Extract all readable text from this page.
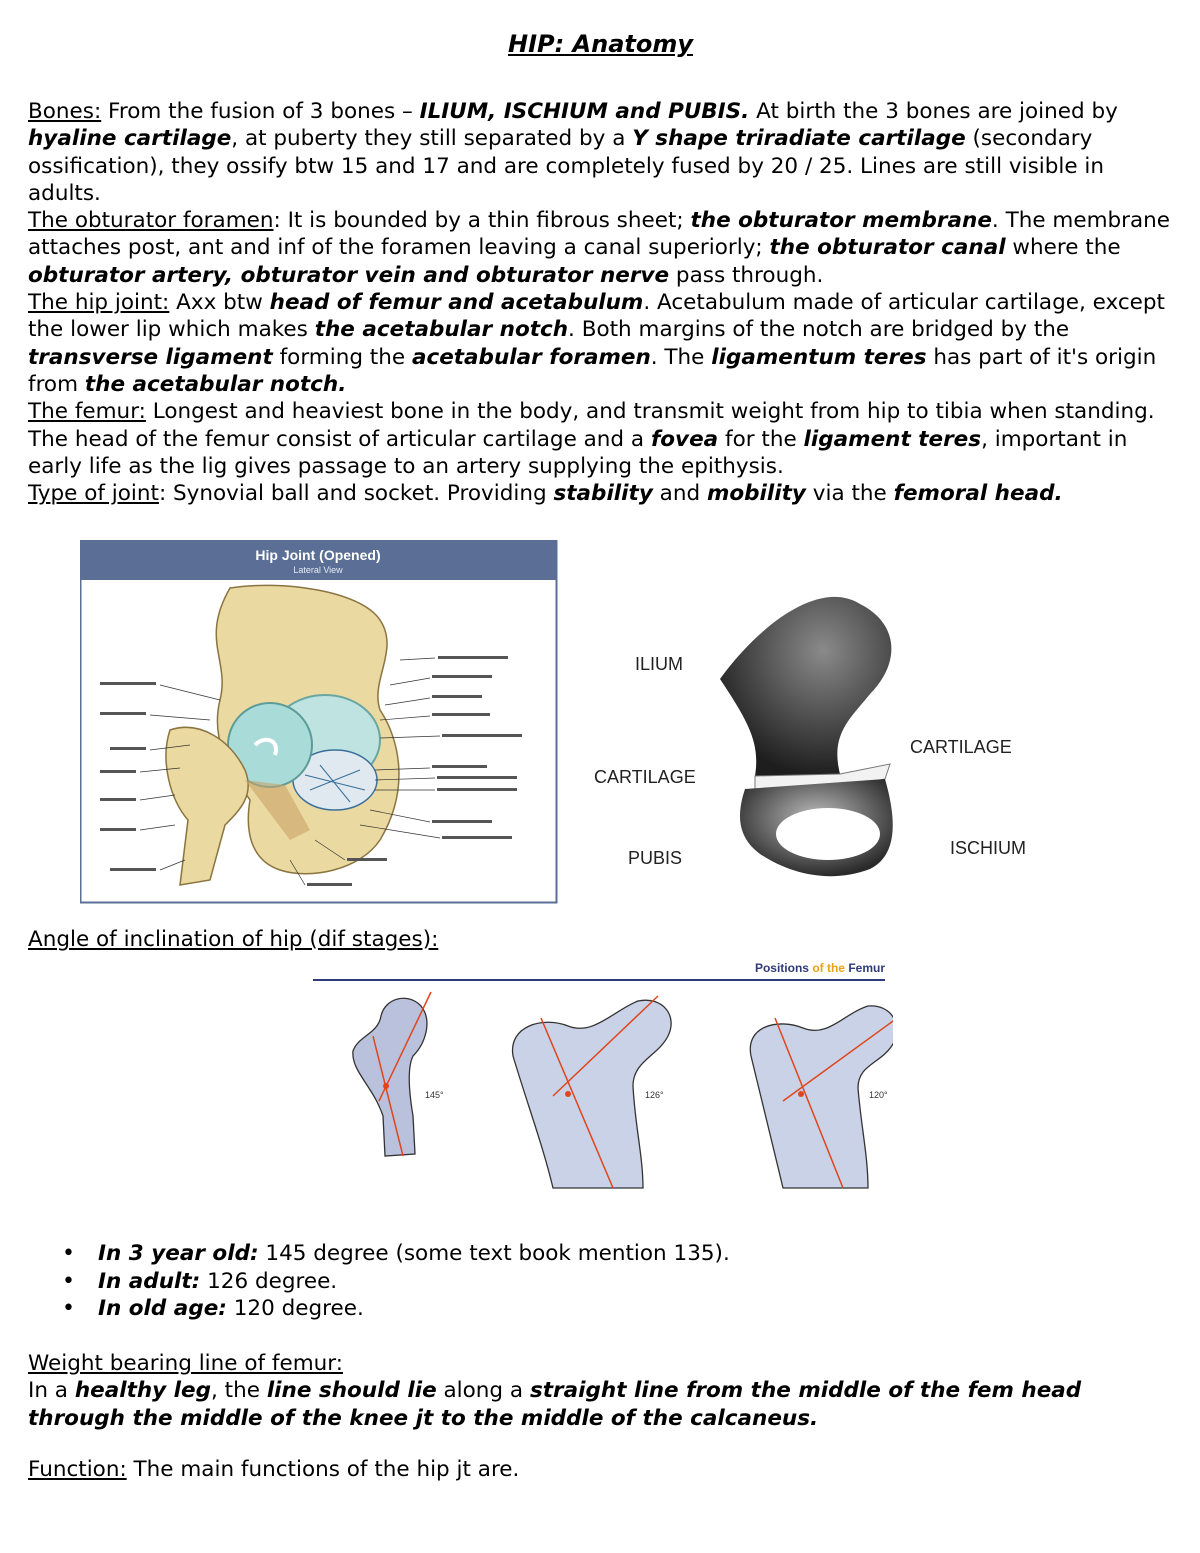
HIP: Anatomy
Bones: From the fusion of 3 bones – ILIUM, ISCHIUM and PUBIS. At birth the 3 bones are joined by hyaline cartilage, at puberty they still separated by a Y shape triradiate cartilage (secondary ossification), they ossify btw 15 and 17 and are completely fused by 20 / 25. Lines are still visible in adults.
The obturator foramen: It is bounded by a thin fibrous sheet; the obturator membrane. The membrane attaches post, ant and inf of the foramen leaving a canal superiorly; the obturator canal where the obturator artery, obturator vein and obturator nerve pass through.
The hip joint: Axx btw head of femur and acetabulum. Acetabulum made of articular cartilage, except the lower lip which makes the acetabular notch. Both margins of the notch are bridged by the transverse ligament forming the acetabular foramen. The ligamentum teres has part of it's origin from the acetabular notch.
The femur: Longest and heaviest bone in the body, and transmit weight from hip to tibia when standing. The head of the femur consist of articular cartilage and a fovea for the ligament teres, important in early life as the lig gives passage to an artery supplying the epithysis.
Type of joint: Synovial ball and socket. Providing stability and mobility via the femoral head.
Hip Joint (Opened)
Lateral View
ILIUM
CARTILAGE
CARTILAGE
PUBIS	ISCHIUM
Angle of inclination of hip (dif stages):
Positions of the Femur
145°	126°	120°
• In 3 year old: 145 degree (some text book mention 135).
• In adult: 126 degree.
• In old age: 120 degree.
Weight bearing line of femur:
In a healthy leg, the line should lie along a straight line from the middle of the fem head through the middle of the knee jt to the middle of the calcaneus.
Function: The main functions of the hip jt are.
